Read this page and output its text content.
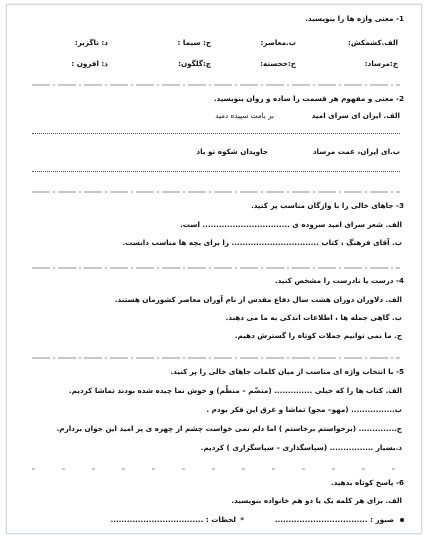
1- معنی واژه ها را بنویسید.
الف.کشمکش:
ب.معاصر:
ج: سیما :
د: ناگزیر:
خ:مرساد:
ح:خجسته:
چ:گلگون:
ذ: افزون :
2- معنی و مفهوم هر قسمت را ساده و روان بنویسید.
الف. ایران ای سرای امید
بر بامت سپیده دمید
ب.ای ایران، غمت مرساد
جاویدان شکوه تو باد
3- جاهای خالی را با واژگان مناسب پر کنید.
الف. شعر سرای امید سروده ی ................................ است.
ب. آقای فرهنگ ، کتاب ................................ را برای بچه ها مناسب دانست.
4- درست یا نادرست را مشخص کنید.
الف. دلاوران دوران هشت سال دفاع مقدس از نام آوران معاصر کشورمان هستند.
ب. گاهی جمله ها ، اطلاعات اندکی به ما می دهند.
ج. ما نمی توانیم جملات کوتاه را گسترش دهیم.
5- با انتخاب واژه ای مناسب از میان کلمات جاهای خالی را پر کنید.
الف. کتاب ها را که خیلی .............. (منضّم – منظّم) و خوش نما چیده شده بودند تماشا کردیم.
ب................ (مهو– محو) تماشا و غرق این فکر بودم .
ج.............. (برخواستم برخاستم ) اما دلم نمی خواست چشم از چهره ی پر امید این جوان بردارم.
د.بسیار ................ (سپاسگذاری – سپاسگزاری ) کردیم.
6- پاسخ کوتاه بدهید.
الف. برای هر کلمه یک یا دو هم خانواده بنویسید.
صبور : ..................................
*
لحظات : ..................................
